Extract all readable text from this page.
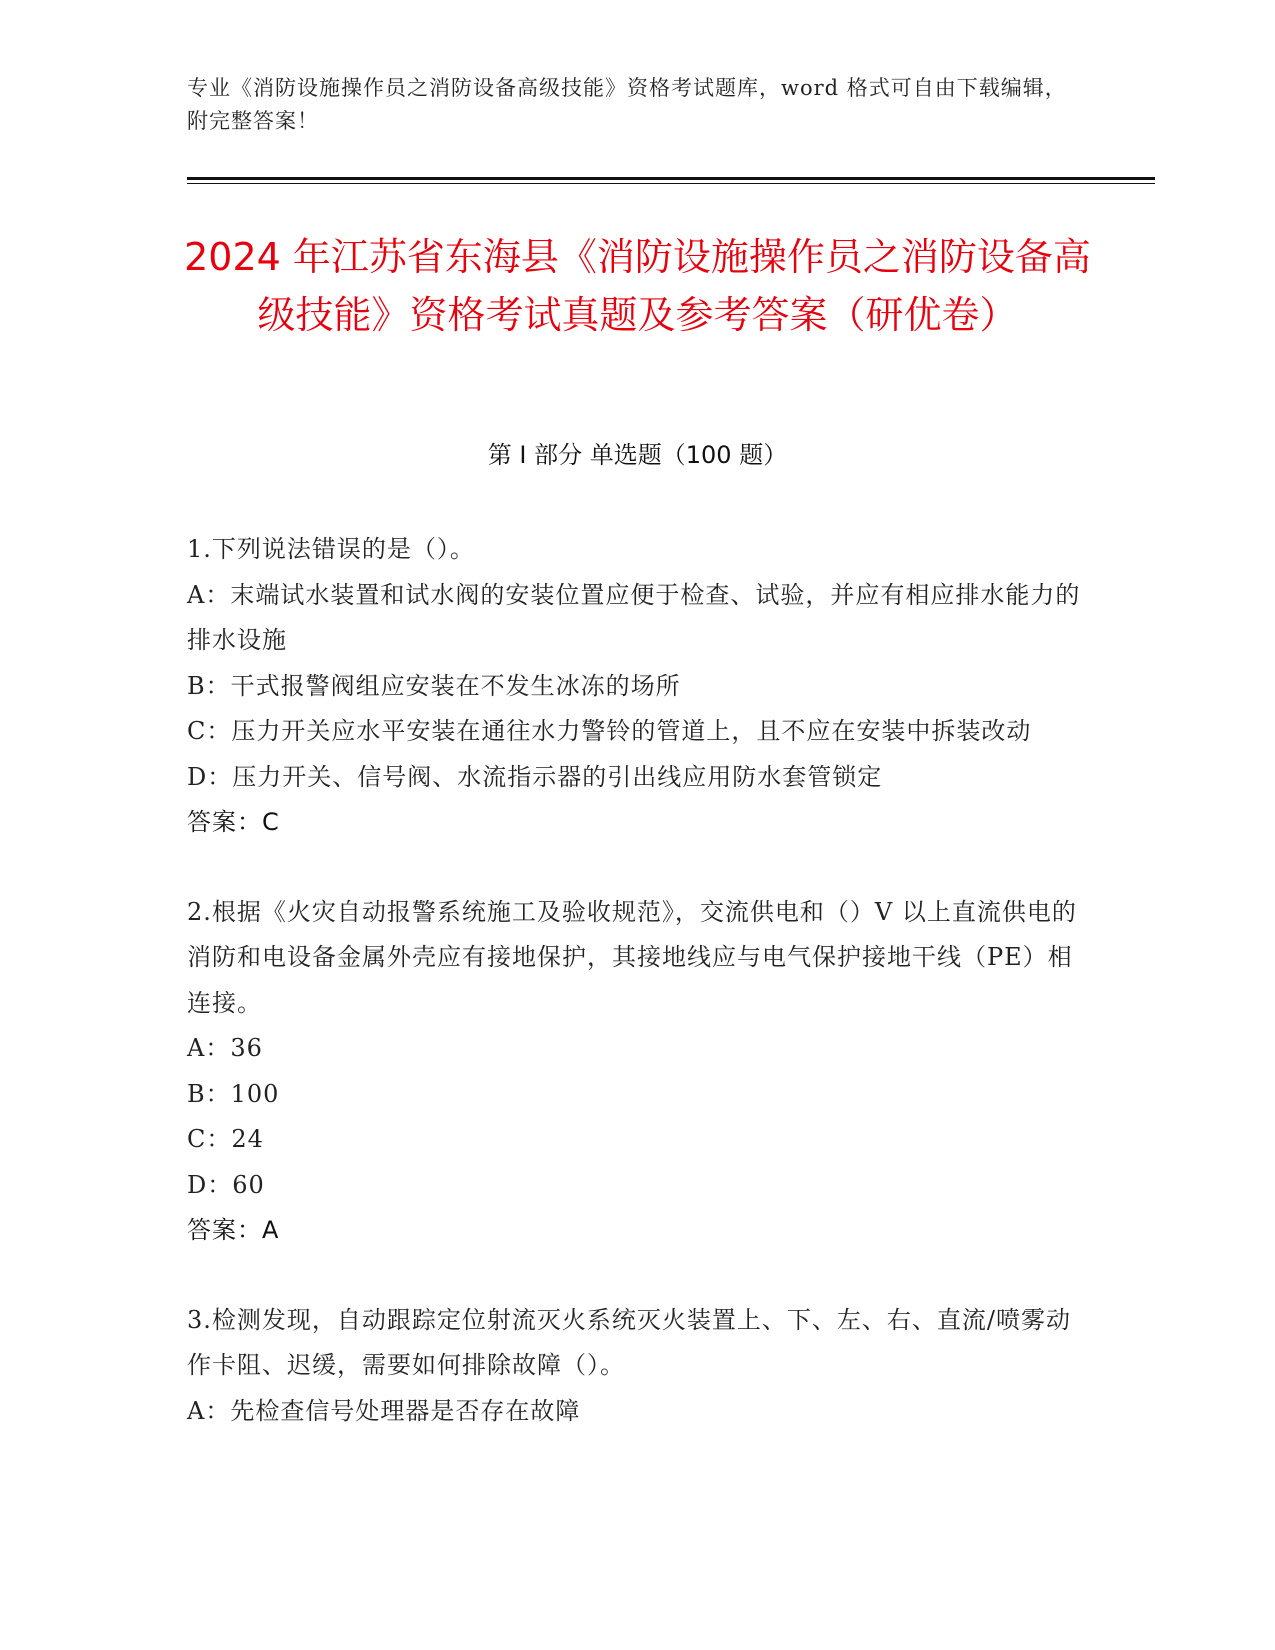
专业《消防设施操作员之消防设备高级技能》资格考试题库，word 格式可自由下载编辑，附完整答案！
2024 年江苏省东海县《消防设施操作员之消防设备高级技能》资格考试真题及参考答案（研优卷）
第 I 部分 单选题（100 题）
1.下列说法错误的是（）。
A：末端试水装置和试水阀的安装位置应便于检查、试验，并应有相应排水能力的排水设施
B：干式报警阀组应安装在不发生冰冻的场所
C：压力开关应水平安装在通往水力警铃的管道上，且不应在安装中拆装改动
D：压力开关、信号阀、水流指示器的引出线应用防水套管锁定
答案：C
2.根据《火灾自动报警系统施工及验收规范》，交流供电和（）V 以上直流供电的消防和电设备金属外壳应有接地保护，其接地线应与电气保护接地干线（PE）相连接。
A：36
B：100
C：24
D：60
答案：A
3.检测发现，自动跟踪定位射流灭火系统灭火装置上、下、左、右、直流/喷雾动作卡阻、迟缓，需要如何排除故障（）。
A：先检查信号处理器是否存在故障
